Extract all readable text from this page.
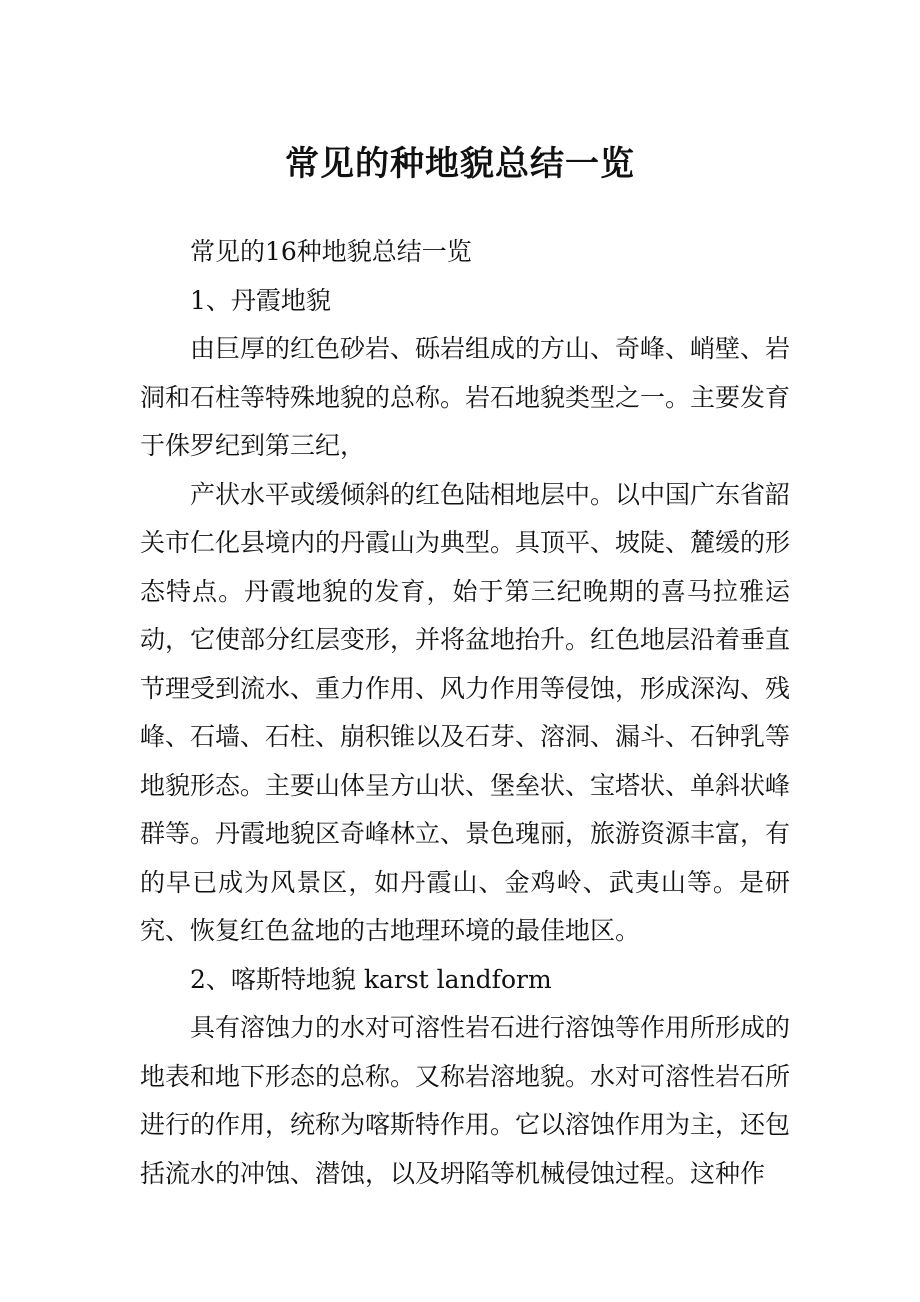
常见的种地貌总结一览

常见的16种地貌总结一览

1、丹霞地貌

由巨厚的红色砂岩、砾岩组成的方山、奇峰、峭壁、岩洞和石柱等特殊地貌的总称。岩石地貌类型之一。主要发育于侏罗纪到第三纪，

产状水平或缓倾斜的红色陆相地层中。以中国广东省韶关市仁化县境内的丹霞山为典型。具顶平、坡陡、麓缓的形态特点。丹霞地貌的发育，始于第三纪晚期的喜马拉雅运动，它使部分红层变形，并将盆地抬升。红色地层沿着垂直节理受到流水、重力作用、风力作用等侵蚀，形成深沟、残峰、石墙、石柱、崩积锥以及石芽、溶洞、漏斗、石钟乳等地貌形态。主要山体呈方山状、堡垒状、宝塔状、单斜状峰群等。丹霞地貌区奇峰林立、景色瑰丽，旅游资源丰富，有的早已成为风景区，如丹霞山、金鸡岭、武夷山等。是研究、恢复红色盆地的古地理环境的最佳地区。

2、喀斯特地貌 karst landform

具有溶蚀力的水对可溶性岩石进行溶蚀等作用所形成的地表和地下形态的总称。又称岩溶地貌。水对可溶性岩石所进行的作用，统称为喀斯特作用。它以溶蚀作用为主，还包括流水的冲蚀、潜蚀，以及坍陷等机械侵蚀过程。这种作
